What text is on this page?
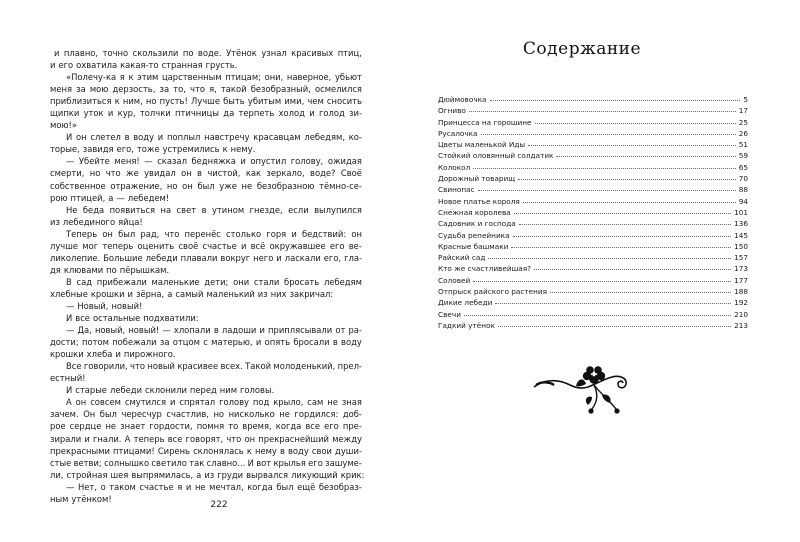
и плавно, точно скользили по воде. Утёнок узнал красивых птиц,
и его охватила какая-то странная грусть.
«Полечу-ка я к этим царственным птицам; они, наверное, убьют
меня за мою дерзость, за то, что я, такой безобразный, осмелился
приблизиться к ним, но пусть! Лучше быть убитым ими, чем сносить
щипки уток и кур, толчки птичницы да терпеть холод и голод зи-
мою!»
И он слетел в воду и поплыл навстречу красавцам лебедям, ко-
торые, завидя его, тоже устремились к нему.
— Убейте меня! — сказал бедняжка и опустил голову, ожидая
смерти, но что же увидал он в чистой, как зеркало, воде? Своё
собственное отражение, но он был уже не безобразною тёмно-се-
рою птицей, а — лебедем!
Не беда появиться на свет в утином гнезде, если вылупился
из лебединого яйца!
Теперь он был рад, что перенёс столько горя и бедствий: он
лучше мог теперь оценить своё счастье и всё окружавшее его ве-
ликолепие. Большие лебеди плавали вокруг него и ласкали его, гла-
дя клювами по пёрышкам.
В сад прибежали маленькие дети; они стали бросать лебедям
хлебные крошки и зёрна, а самый маленький из них закричал:
— Новый, новый!
И все остальные подхватили:
— Да, новый, новый! — хлопали в ладоши и приплясывали от ра-
дости; потом побежали за отцом с матерью, и опять бросали в воду
крошки хлеба и пирожного.
Все говорили, что новый красивее всех. Такой молоденький, прел-
естный!
И старые лебеди склонили перед ним головы.
А он совсем смутился и спрятал голову под крыло, сам не зная
зачем. Он был чересчур счастлив, но нисколько не гордился: доб-
рое сердце не знает гордости, помня то время, когда все его пре-
зирали и гнали. А теперь все говорят, что он прекраснейший между
прекрасными птицами! Сирень склонялась к нему в воду свои души-
стые ветви; солнышко светило так славно... И вот крылья его зашуме-
ли, стройная шея выпрямилась, а из груди вырвался ликующий крик:
— Нет, о таком счастье я и не мечтал, когда был ещё безобраз-
ным утёнком!
222
Содержание
Дюймовочка	5
Огниво	17
Принцесса на горошине	25
Русалочка	26
Цветы маленькой Иды	51
Стойкий оловянный солдатик	59
Колокол	65
Дорожный товарищ	70
Свинопас	88
Новое платье короля	94
Снежная королева	101
Садовник и господа	136
Судьба репейника	145
Красные башмаки	150
Райский сад	157
Кто же счастливейшая?	173
Соловей	177
Отпрыск райского растения	188
Дикие лебеди	192
Свечи	210
Гадкий утёнок	213
